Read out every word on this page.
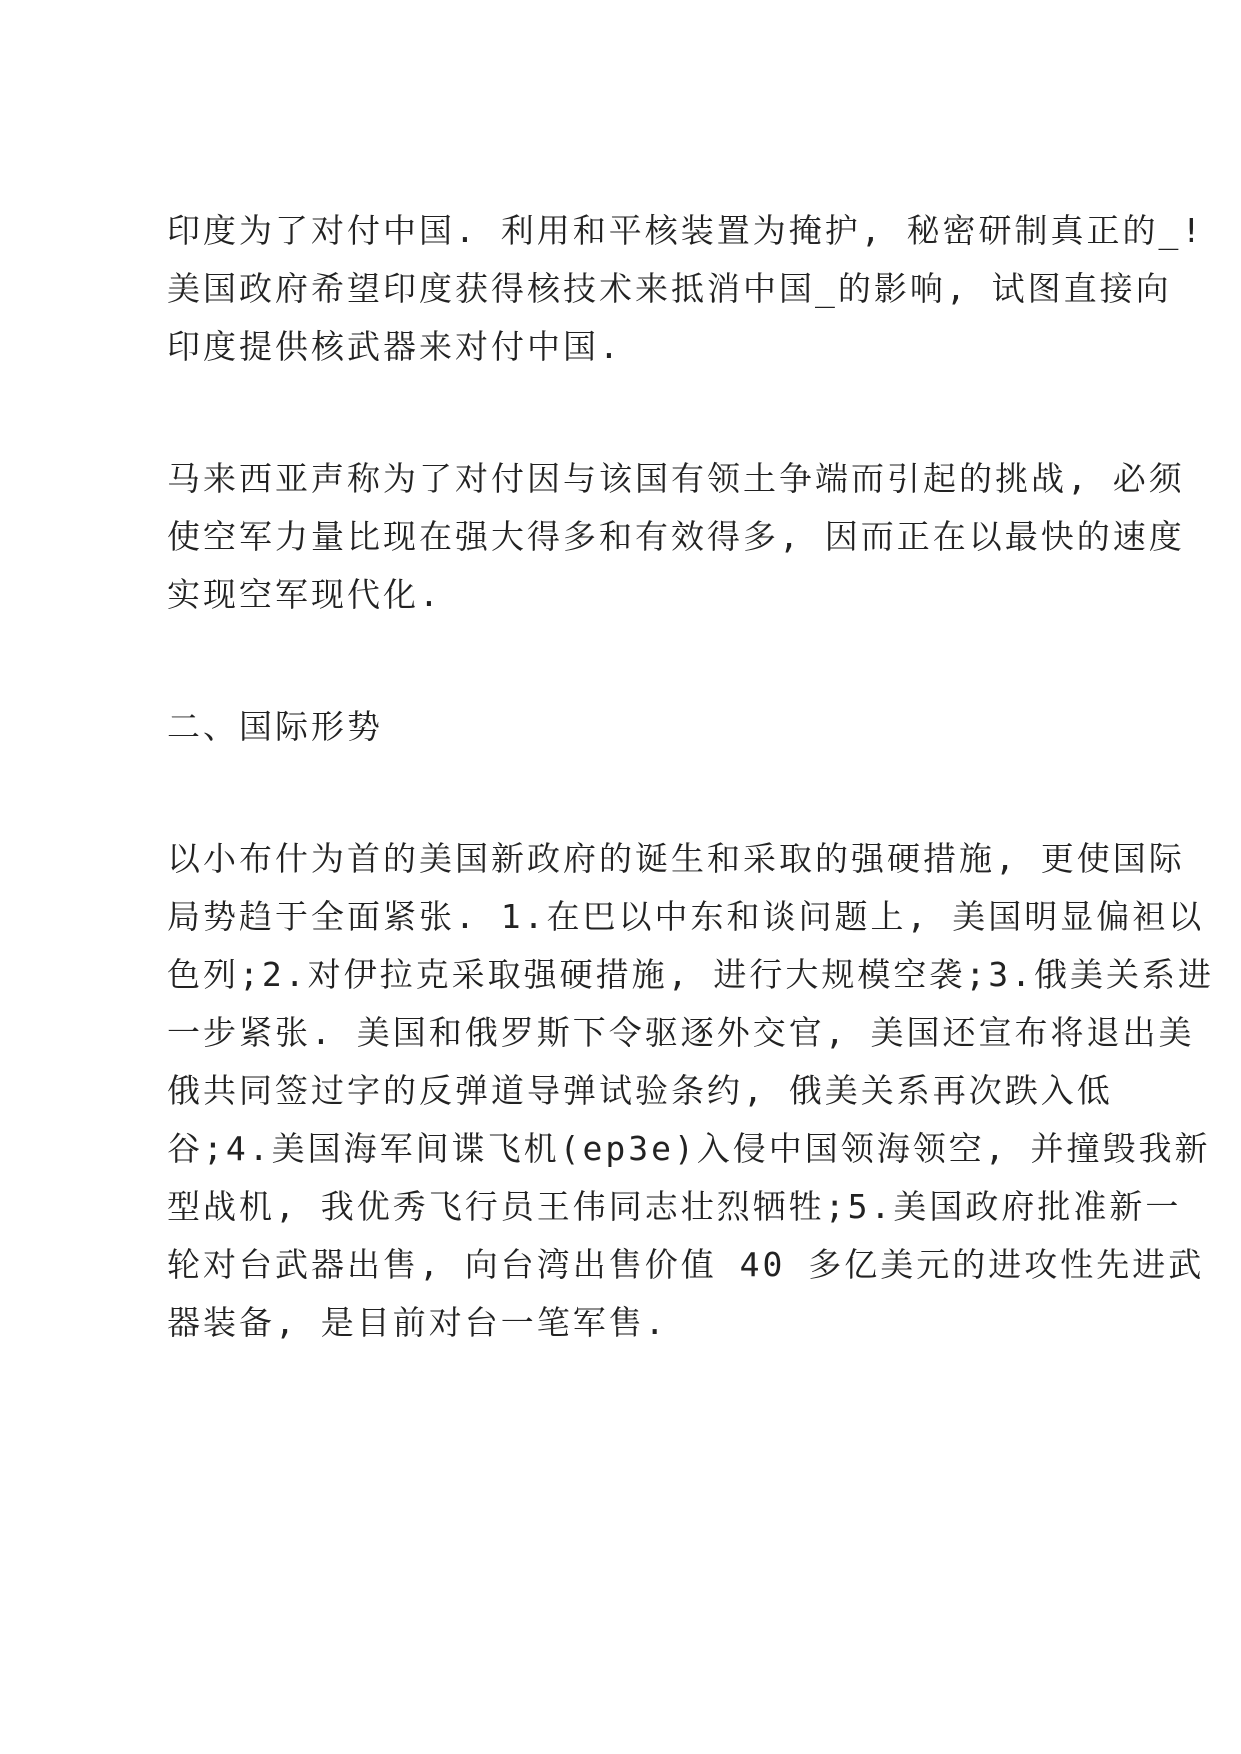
印度为了对付中国. 利用和平核装置为掩护, 秘密研制真正的_!
美国政府希望印度获得核技术来抵消中国_的影响, 试图直接向
印度提供核武器来对付中国.
马来西亚声称为了对付因与该国有领土争端而引起的挑战, 必须
使空军力量比现在强大得多和有效得多, 因而正在以最快的速度
实现空军现代化.
二、国际形势
以小布什为首的美国新政府的诞生和采取的强硬措施, 更使国际
局势趋于全面紧张. 1.在巴以中东和谈问题上, 美国明显偏袒以
色列;2.对伊拉克采取强硬措施, 进行大规模空袭;3.俄美关系进
一步紧张. 美国和俄罗斯下令驱逐外交官, 美国还宣布将退出美
俄共同签过字的反弹道导弹试验条约, 俄美关系再次跌入低
谷;4.美国海军间谍飞机(ep3e)入侵中国领海领空, 并撞毁我新
型战机, 我优秀飞行员王伟同志壮烈牺牲;5.美国政府批准新一
轮对台武器出售, 向台湾出售价值 40 多亿美元的进攻性先进武
器装备, 是目前对台一笔军售.
